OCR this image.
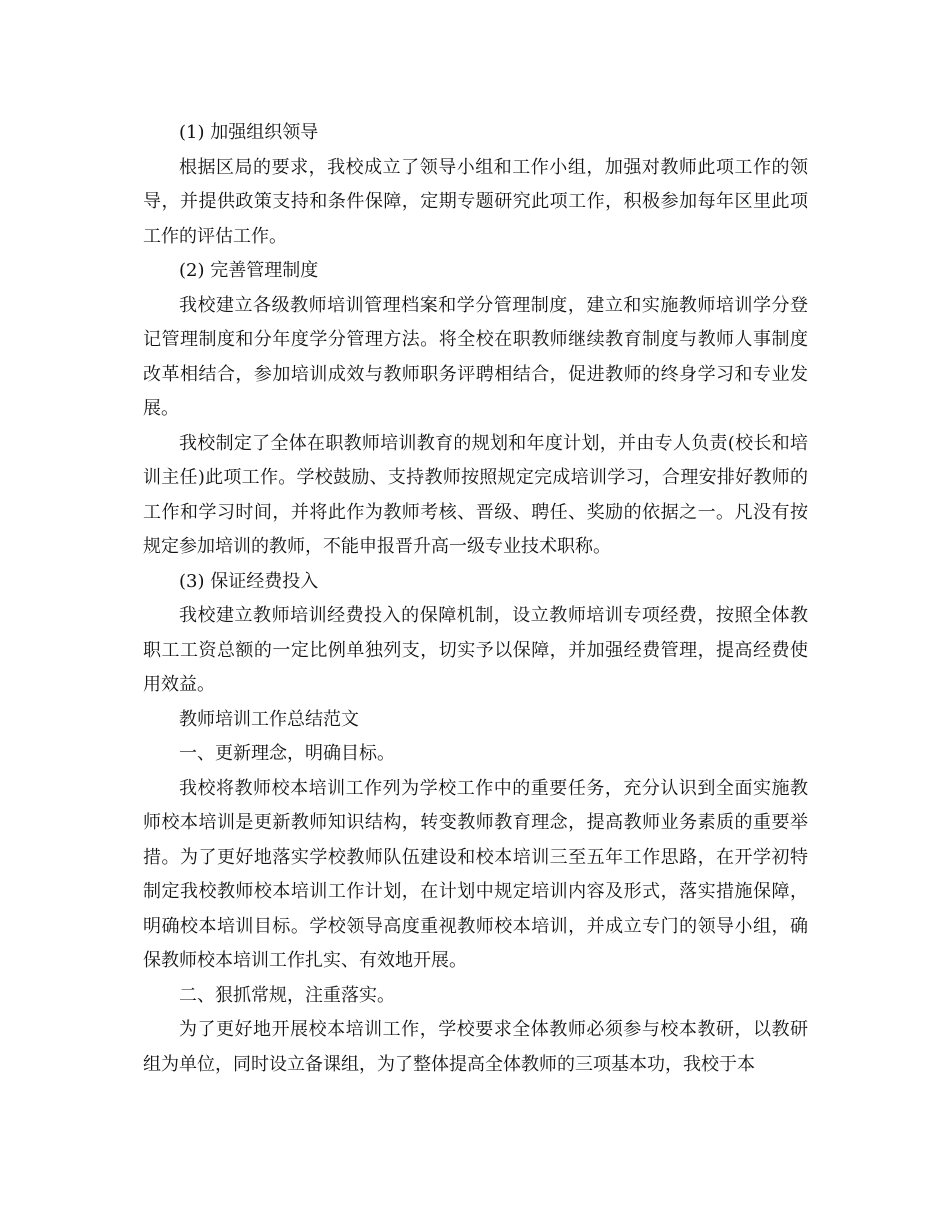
(1) 加强组织领导

根据区局的要求，我校成立了领导小组和工作小组，加强对教师此项工作的领导，并提供政策支持和条件保障，定期专题研究此项工作，积极参加每年区里此项工作的评估工作。

(2) 完善管理制度

我校建立各级教师培训管理档案和学分管理制度，建立和实施教师培训学分登记管理制度和分年度学分管理方法。将全校在职教师继续教育制度与教师人事制度改革相结合，参加培训成效与教师职务评聘相结合，促进教师的终身学习和专业发展。

我校制定了全体在职教师培训教育的规划和年度计划，并由专人负责(校长和培训主任)此项工作。学校鼓励、支持教师按照规定完成培训学习，合理安排好教师的工作和学习时间，并将此作为教师考核、晋级、聘任、奖励的依据之一。凡没有按规定参加培训的教师，不能申报晋升高一级专业技术职称。

(3) 保证经费投入

我校建立教师培训经费投入的保障机制，设立教师培训专项经费，按照全体教职工工资总额的一定比例单独列支，切实予以保障，并加强经费管理，提高经费使用效益。

教师培训工作总结范文

一、更新理念，明确目标。

我校将教师校本培训工作列为学校工作中的重要任务，充分认识到全面实施教师校本培训是更新教师知识结构，转变教师教育理念，提高教师业务素质的重要举措。为了更好地落实学校教师队伍建设和校本培训三至五年工作思路，在开学初特制定我校教师校本培训工作计划，在计划中规定培训内容及形式，落实措施保障，明确校本培训目标。学校领导高度重视教师校本培训，并成立专门的领导小组，确保教师校本培训工作扎实、有效地开展。

二、狠抓常规，注重落实。

为了更好地开展校本培训工作，学校要求全体教师必须参与校本教研，以教研组为单位，同时设立备课组，为了整体提高全体教师的三项基本功，我校于本
